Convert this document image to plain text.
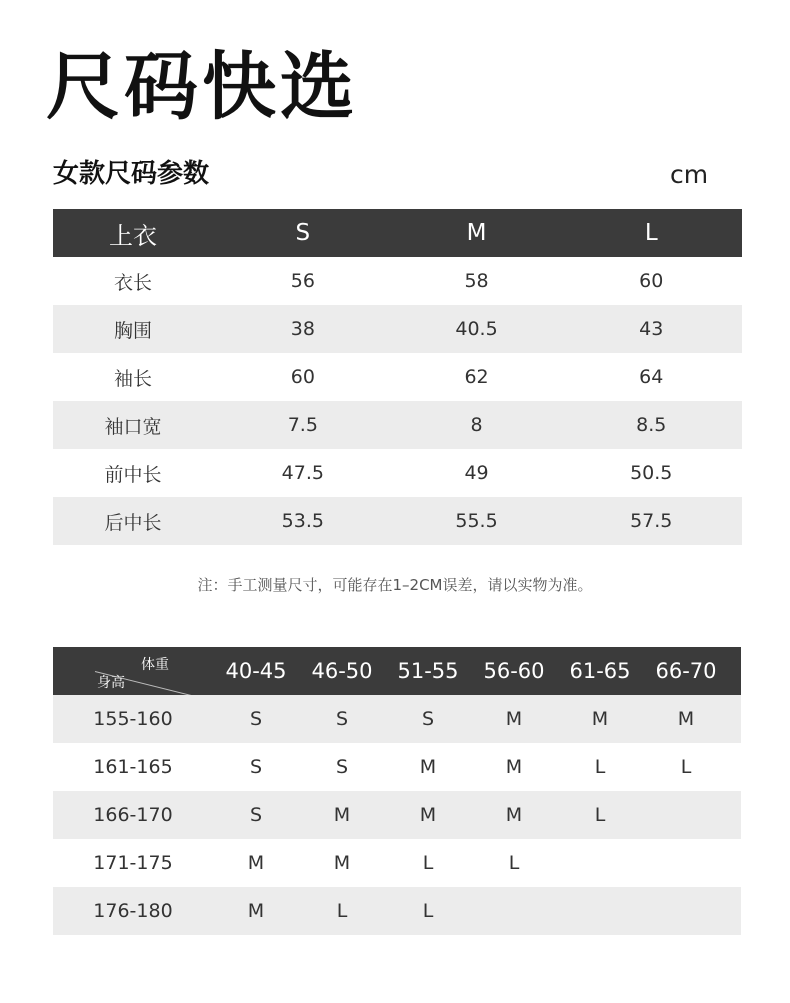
尺码快选
女款尺码参数	cm
上衣	S	M	L
衣长	56	58	60
胸围	38	40.5	43
袖长	60	62	64
袖口宽	7.5	8	8.5
前中长	47.5	49	50.5
后中长	53.5	55.5	57.5
注：手工测量尺寸，可能存在1–2CM误差，请以实物为准。
体重
身高	40-45	46-50	51-55	56-60	61-65	66-70
155-160	S	S	S	M	M	M
161-165	S	S	M	M	L	L
166-170	S	M	M	M	L
171-175	M	M	L	L
176-180	M	L	L
